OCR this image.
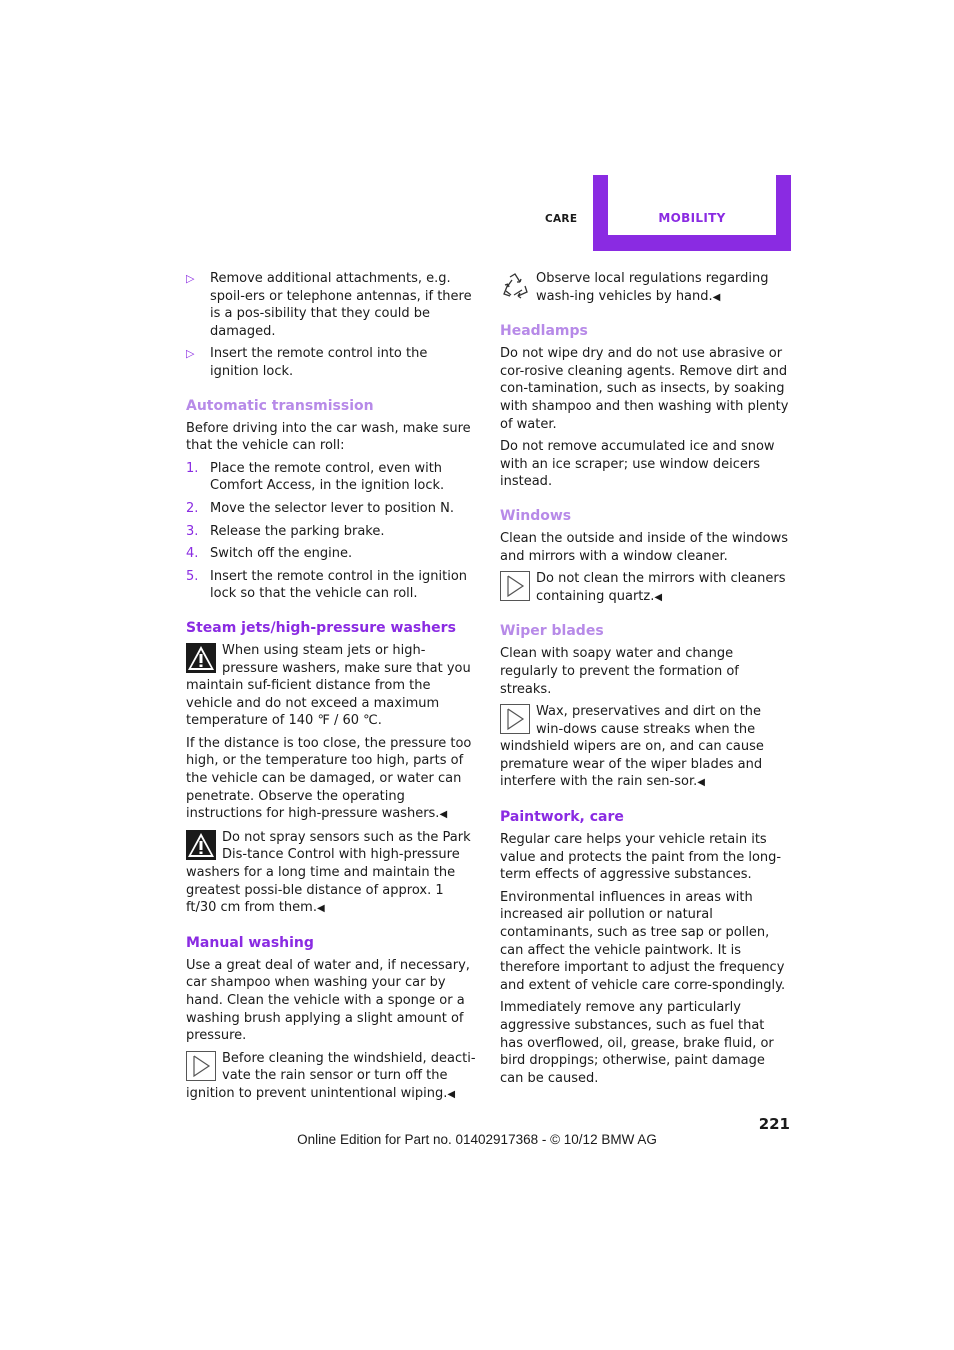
CARE	MOBILITY
▷ Remove additional attachments, e.g. spoil-ers or telephone antennas, if there is a pos-sibility that they could be damaged.
▷ Insert the remote control into the ignition lock.
Automatic transmission

Before driving into the car wash, make sure that the vehicle can roll:

1. Place the remote control, even with Comfort Access, in the ignition lock.
2. Move the selector lever to position N.
3. Release the parking brake.
4. Switch off the engine.
5. Insert the remote control in the ignition lock so that the vehicle can roll.
Steam jets/high-pressure washers
When using steam jets or high-pressure washers, make sure that you maintain suf-ficient distance from the vehicle and do not exceed a maximum temperature of 140 ℉ / 60 ℃.

If the distance is too close, the pressure too high, or the temperature too high, parts of the vehicle can be damaged, or water can penetrate. Observe the operating instructions for high-pressure washers.◀

Do not spray sensors such as the Park Dis-tance Control with high-pressure washers for a long time and maintain the greatest possi-ble distance of approx. 1 ft/30 cm from them.◀
Manual washing

Use a great deal of water and, if necessary, car shampoo when washing your car by hand. Clean the vehicle with a sponge or a washing brush applying a slight amount of pressure.

Before cleaning the windshield, deacti-vate the rain sensor or turn off the ignition to prevent unintentional wiping.◀
Observe local regulations regarding wash-ing vehicles by hand.◀
Headlamps

Do not wipe dry and do not use abrasive or cor-rosive cleaning agents. Remove dirt and con-tamination, such as insects, by soaking with shampoo and then washing with plenty of water.

Do not remove accumulated ice and snow with an ice scraper; use window deicers instead.

Windows

Clean the outside and inside of the windows and mirrors with a window cleaner.

Do not clean the mirrors with cleaners containing quartz.◀
Wiper blades

Clean with soapy water and change regularly to prevent the formation of streaks.

Wax, preservatives and dirt on the win-dows cause streaks when the windshield wipers are on, and can cause premature wear of the wiper blades and interfere with the rain sen-sor.◀
Paintwork, care

Regular care helps your vehicle retain its value and protects the paint from the long-term effects of aggressive substances.

Environmental influences in areas with increased air pollution or natural contaminants, such as tree sap or pollen, can affect the vehicle paintwork. It is therefore important to adjust the frequency and extent of vehicle care corre-spondingly.

Immediately remove any particularly aggressive substances, such as fuel that has overflowed, oil, grease, brake fluid, or bird droppings; otherwise, paint damage can be caused.

221
Online Edition for Part no. 01402917368 - © 10/12 BMW AG
